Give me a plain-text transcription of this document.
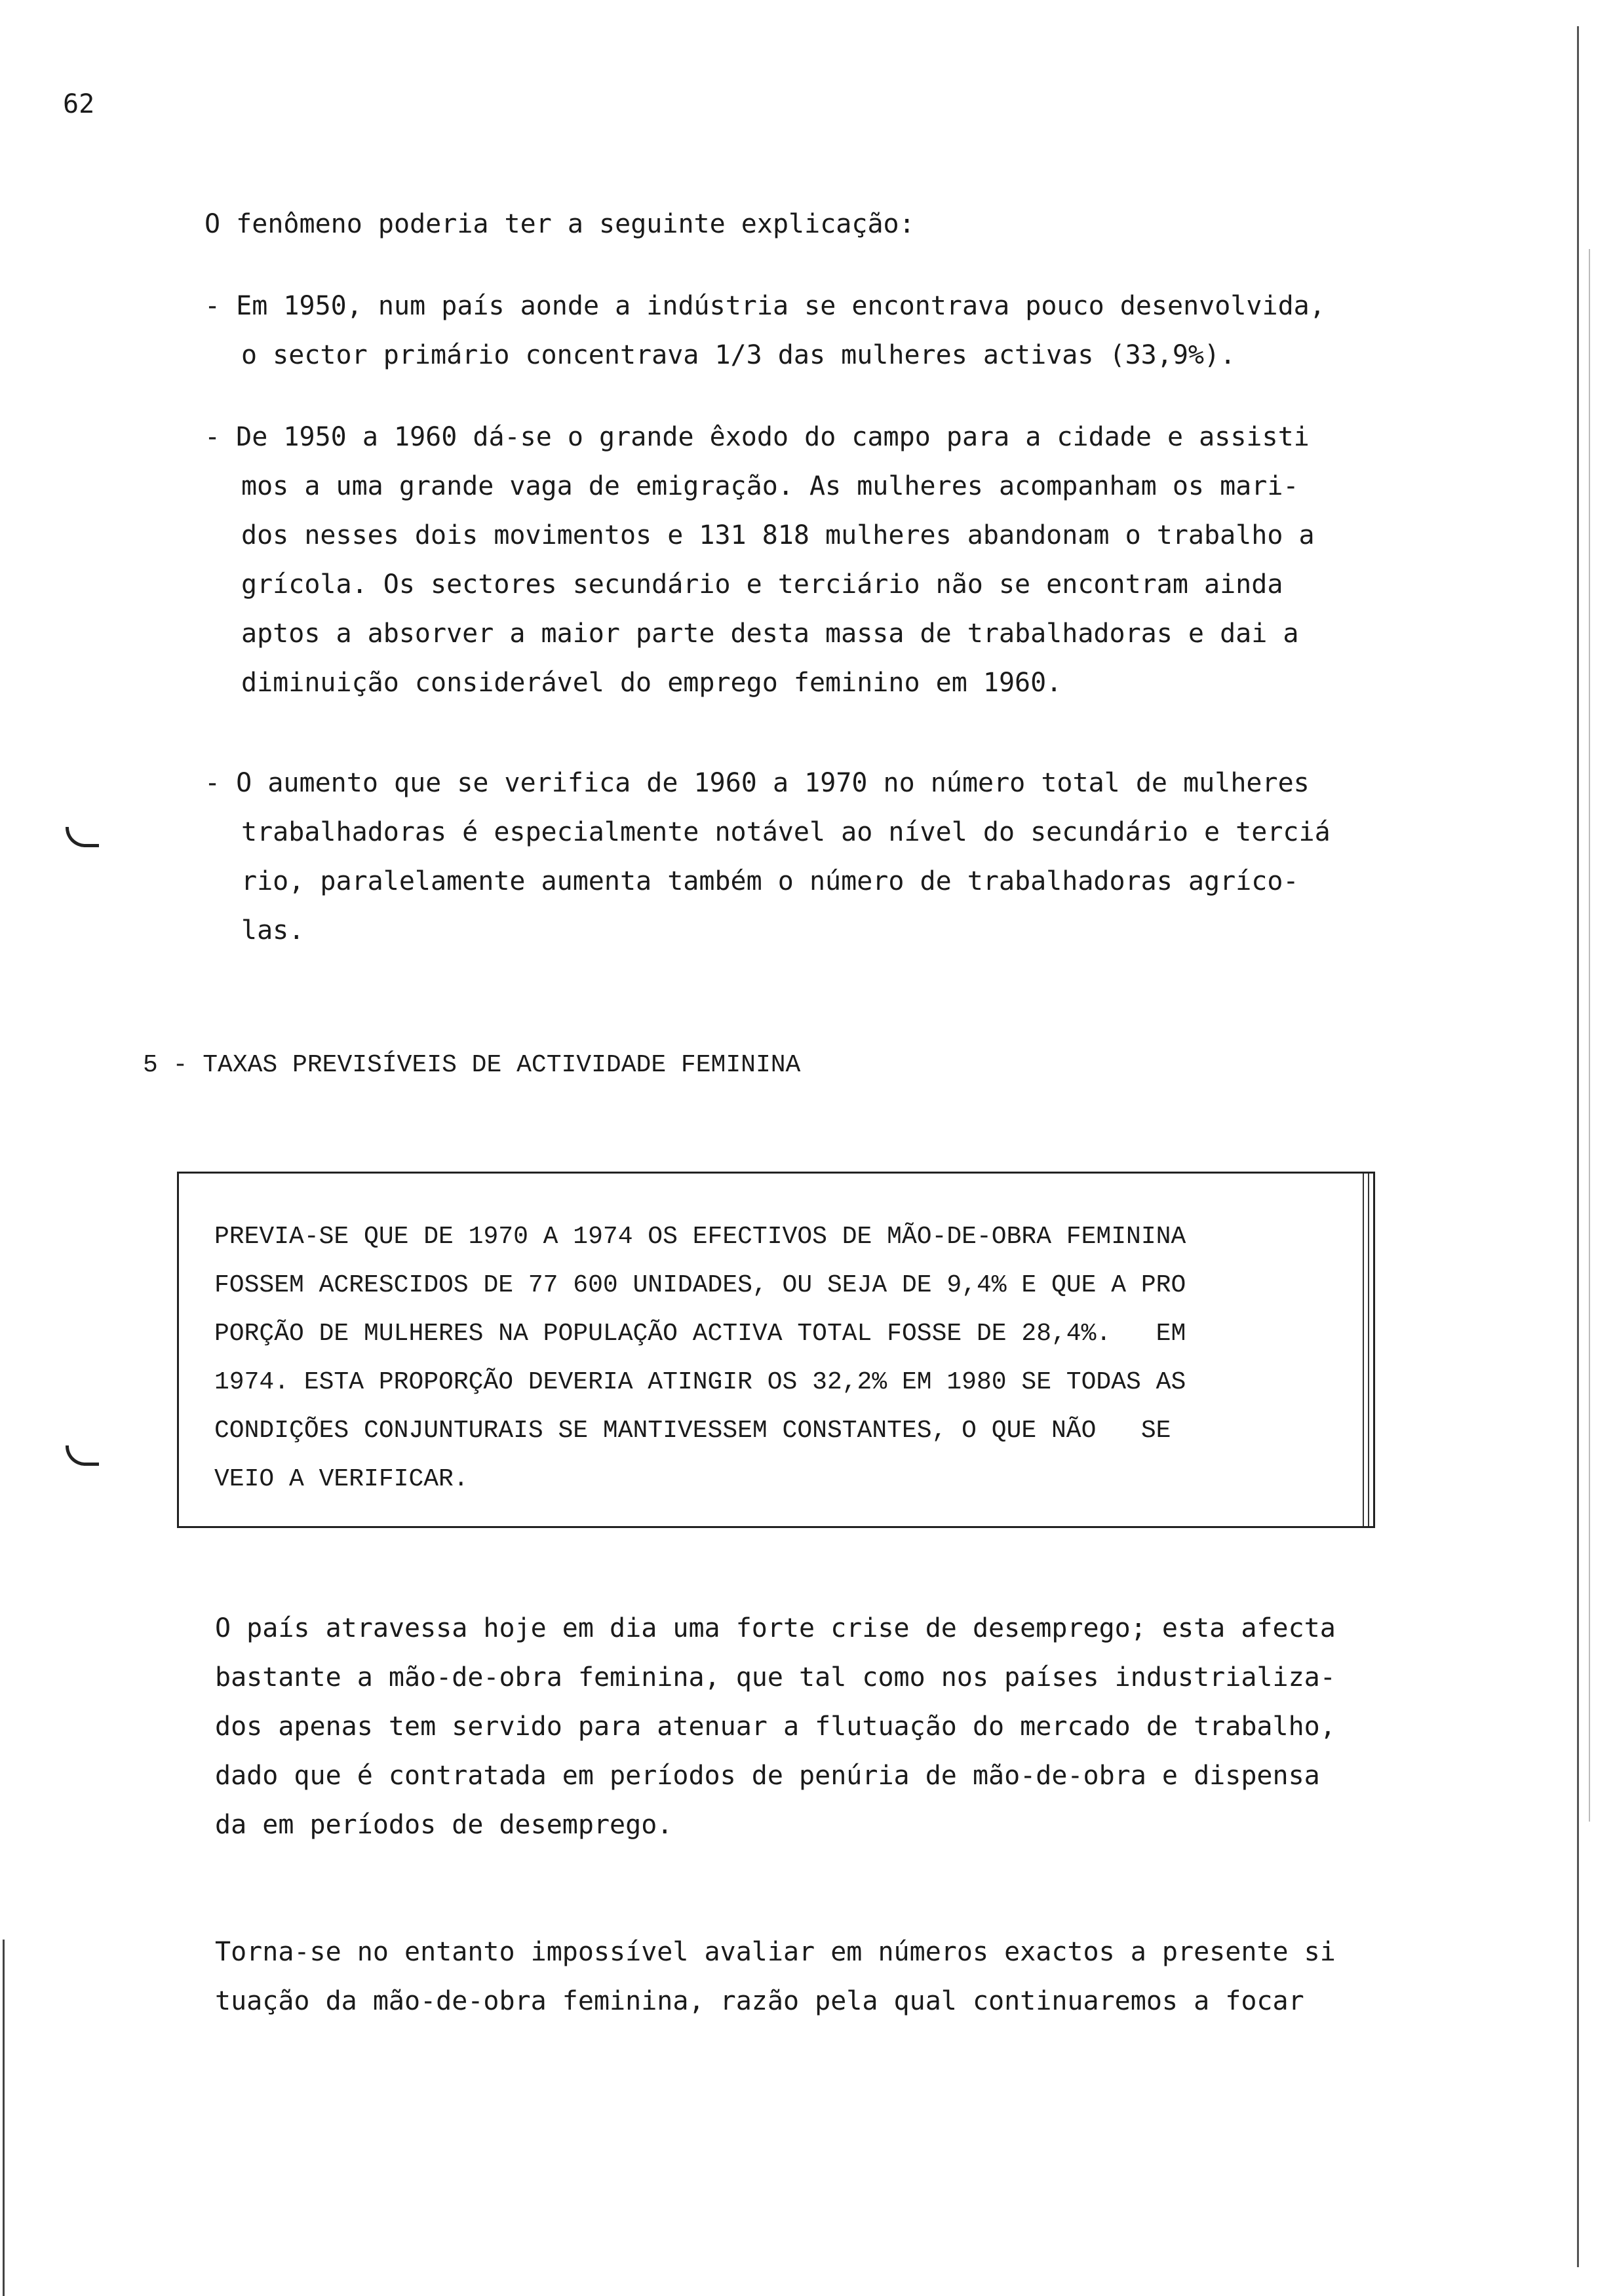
62

O fenômeno poderia ter a seguinte explicação:

- Em 1950, num país aonde a indústria se encontrava pouco desenvolvida,
o sector primário concentrava 1/3 das mulheres activas (33,9%).
- De 1950 a 1960 dá-se o grande êxodo do campo para a cidade e assisti
mos a uma grande vaga de emigração. As mulheres acompanham os mari-
dos nesses dois movimentos e 131 818 mulheres abandonam o trabalho a
grícola. Os sectores secundário e terciário não se encontram ainda
aptos a absorver a maior parte desta massa de trabalhadoras e dai a
diminuição considerável do emprego feminino em 1960.
- O aumento que se verifica de 1960 a 1970 no número total de mulheres
trabalhadoras é especialmente notável ao nível do secundário e terciá
rio, paralelamente aumenta também o número de trabalhadoras agríco-
las.
5 - TAXAS PREVISÍVEIS DE ACTIVIDADE FEMININA
PREVIA-SE QUE DE 1970 A 1974 OS EFECTIVOS DE MÃO-DE-OBRA FEMININA
FOSSEM ACRESCIDOS DE 77 600 UNIDADES, OU SEJA DE 9,4% E QUE A PRO
PORÇÃO DE MULHERES NA POPULAÇÃO ACTIVA TOTAL FOSSE DE 28,4%.   EM
1974. ESTA PROPORÇÃO DEVERIA ATINGIR OS 32,2% EM 1980 SE TODAS AS
CONDIÇÕES CONJUNTURAIS SE MANTIVESSEM CONSTANTES, O QUE NÃO   SE
VEIO A VERIFICAR.
O país atravessa hoje em dia uma forte crise de desemprego; esta afecta
bastante a mão-de-obra feminina, que tal como nos países industrializa-
dos apenas tem servido para atenuar a flutuação do mercado de trabalho,
dado que é contratada em períodos de penúria de mão-de-obra e dispensa
da em períodos de desemprego.
Torna-se no entanto impossível avaliar em números exactos a presente si
tuação da mão-de-obra feminina, razão pela qual continuaremos a focar
